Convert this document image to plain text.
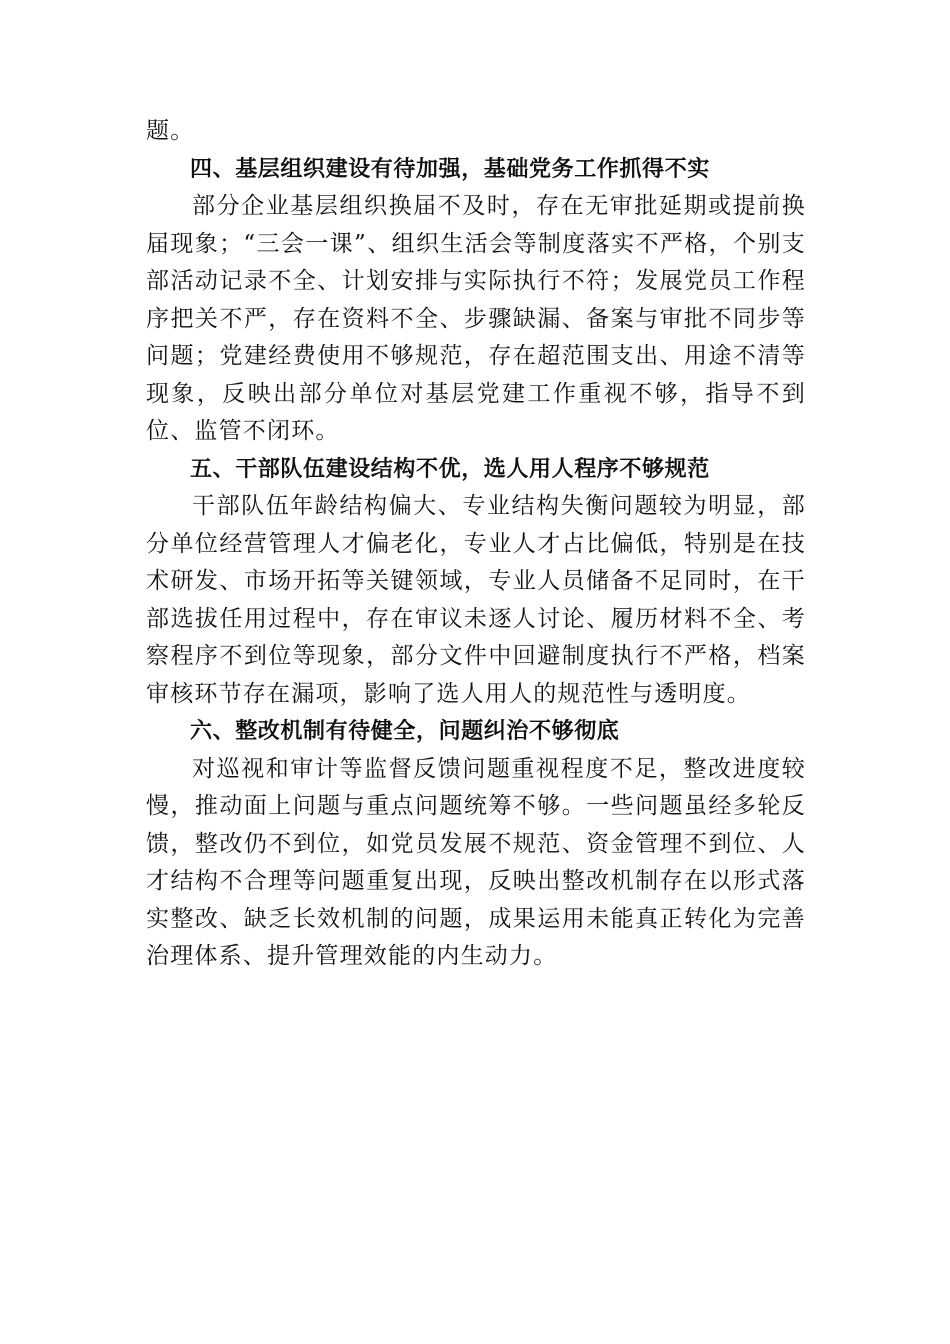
题。

四、基层组织建设有待加强，基础党务工作抓得不实

部分企业基层组织换届不及时，存在无审批延期或提前换届现象；“三会一课”、组织生活会等制度落实不严格，个别支部活动记录不全、计划安排与实际执行不符；发展党员工作程序把关不严，存在资料不全、步骤缺漏、备案与审批不同步等问题；党建经费使用不够规范，存在超范围支出、用途不清等现象，反映出部分单位对基层党建工作重视不够，指导不到位、监管不闭环。

五、干部队伍建设结构不优，选人用人程序不够规范

干部队伍年龄结构偏大、专业结构失衡问题较为明显，部分单位经营管理人才偏老化，专业人才占比偏低，特别是在技术研发、市场开拓等关键领域，专业人员储备不足同时，在干部选拔任用过程中，存在审议未逐人讨论、履历材料不全、考察程序不到位等现象，部分文件中回避制度执行不严格，档案审核环节存在漏项，影响了选人用人的规范性与透明度。

六、整改机制有待健全，问题纠治不够彻底

对巡视和审计等监督反馈问题重视程度不足，整改进度较慢，推动面上问题与重点问题统筹不够。一些问题虽经多轮反馈，整改仍不到位，如党员发展不规范、资金管理不到位、人才结构不合理等问题重复出现，反映出整改机制存在以形式落实整改、缺乏长效机制的问题，成果运用未能真正转化为完善治理体系、提升管理效能的内生动力。
